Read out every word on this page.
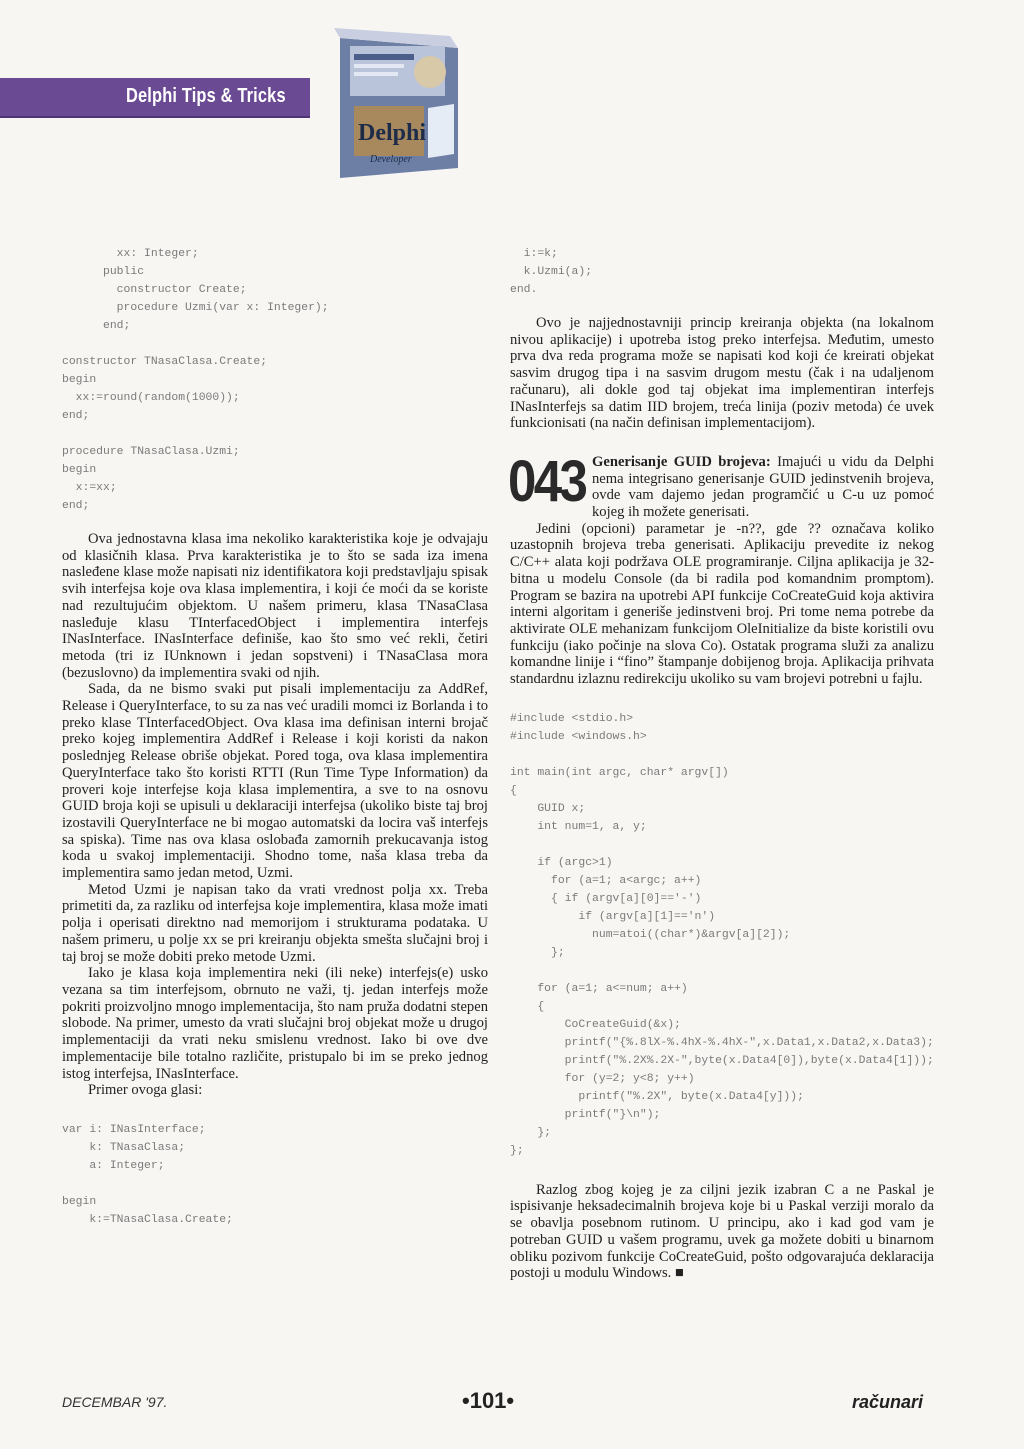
Delphi Tips & Tricks
Delphi
Developer
xx: Integer;
public
constructor Create;
procedure Uzmi(var x: Integer);
end;

constructor TNasaClasa.Create;
begin
xx:=round(random(1000));
end;

procedure TNasaClasa.Uzmi;
begin
x:=xx;
end;

Ova jednostavna klasa ima nekoliko karakteristika koje je odvajaju od klasičnih klasa. Prva karakteristika je to što se sada iza imena nasleđene klase može napisati niz identifikatora koji predstavljaju spisak svih interfejsa koje ova klasa implementira, i koji će moći da se koriste nad rezultujućim objektom. U našem primeru, klasa TNasaClasa nasleđuje klasu TInterfacedObject i implementira interfejs INasInterface. INasInterface definiše, kao što smo već rekli, četiri metoda (tri iz IUnknown i jedan sopstveni) i TNasaClasa mora (bezuslovno) da implementira svaki od njih.

Sada, da ne bismo svaki put pisali implementaciju za AddRef, Release i QueryInterface, to su za nas već uradili momci iz Borlanda i to preko klase TInterfacedObject. Ova klasa ima definisan interni brojač preko kojeg implementira AddRef i Release i koji koristi da nakon poslednjeg Release obriše objekat. Pored toga, ova klasa implementira QueryInterface tako što koristi RTTI (Run Time Type Information) da proveri koje interfejse koja klasa implementira, a sve to na osnovu GUID broja koji se upisuli u deklaraciji interfejsa (ukoliko biste taj broj izostavili QueryInterface ne bi mogao automatski da locira vaš interfejs sa spiska). Time nas ova klasa oslobađa zamornih prekucavanja istog koda u svakoj implementaciji. Shodno tome, naša klasa treba da implementira samo jedan metod, Uzmi.

Metod Uzmi je napisan tako da vrati vrednost polja xx. Treba primetiti da, za razliku od interfejsa koje implementira, klasa može imati polja i operisati direktno nad memorijom i strukturama podataka. U našem primeru, u polje xx se pri kreiranju objekta smešta slučajni broj i taj broj se može dobiti preko metode Uzmi.

Iako je klasa koja implementira neki (ili neke) interfejs(e) usko vezana sa tim interfejsom, obrnuto ne važi, tj. jedan interfejs može pokriti proizvoljno mnogo implementacija, što nam pruža dodatni stepen slobode. Na primer, umesto da vrati slučajni broj objekat može u drugoj implementaciji da vrati neku smislenu vrednost. Iako bi ove dve implementacije bile totalno različite, pristupalo bi im se preko jednog istog interfejsa, INasInterface.

Primer ovoga glasi:

var i: INasInterface;
k: TNasaClasa;
a: Integer;

begin
k:=TNasaClasa.Create;
i:=k;
k.Uzmi(a);
end.

Ovo je najjednostavniji princip kreiranja objekta (na lokalnom nivou aplikacije) i upotreba istog preko interfejsa. Međutim, umesto prva dva reda programa može se napisati kod koji će kreirati objekat sasvim drugog tipa i na sasvim drugom mestu (čak i na udaljenom računaru), ali dokle god taj objekat ima implementiran interfejs INasInterfejs sa datim IID brojem, treća linija (poziv metoda) će uvek funkcionisati (na način definisan implementacijom).

043 Generisanje GUID brojeva: Imajući u vidu da Delphi nema integrisano generisanje GUID jedinstvenih brojeva, ovde vam dajemo jedan programčić u C-u uz pomoć kojeg ih možete generisati.

Jedini (opcioni) parametar je -n??, gde ?? označava koliko uzastopnih brojeva treba generisati. Aplikaciju prevedite iz nekog C/C++ alata koji podržava OLE programiranje. Ciljna aplikacija je 32-bitna u modelu Console (da bi radila pod komandnim promptom). Program se bazira na upotrebi API funkcije CoCreateGuid koja aktivira interni algoritam i generiše jedinstveni broj. Pri tome nema potrebe da aktivirate OLE mehanizam funkcijom OleInitialize da biste koristili ovu funkciju (iako počinje na slova Co). Ostatak programa služi za analizu komandne linije i “fino” štampanje dobijenog broja. Aplikacija prihvata standardnu izlaznu redirekciju ukoliko su vam brojevi potrebni u fajlu.

#include <stdio.h>
#include <windows.h>

int main(int argc, char* argv[])
{
GUID x;
int num=1, a, y;

if (argc>1)
for (a=1; a<argc; a++)
{ if (argv[a][0]=='-')
if (argv[a][1]=='n')
num=atoi((char*)&argv[a][2]);
};

for (a=1; a<=num; a++)
{
CoCreateGuid(&x);
printf("{%.8lX-%.4hX-%.4hX-",x.Data1,x.Data2,x.Data3);
printf("%.2X%.2X-",byte(x.Data4[0]),byte(x.Data4[1]));
for (y=2; y<8; y++)
printf("%.2X", byte(x.Data4[y]));
printf("}\n");
};
};

Razlog zbog kojeg je za ciljni jezik izabran C a ne Paskal je ispisivanje heksadecimalnih brojeva koje bi u Paskal verziji moralo da se obavlja posebnom rutinom. U principu, ako i kad god vam je potreban GUID u vašem programu, uvek ga možete dobiti u binarnom obliku pozivom funkcije CoCreateGuid, pošto odgovarajuća deklaracija postoji u modulu Windows. ■

DECEMBAR '97.	•101•	računari
